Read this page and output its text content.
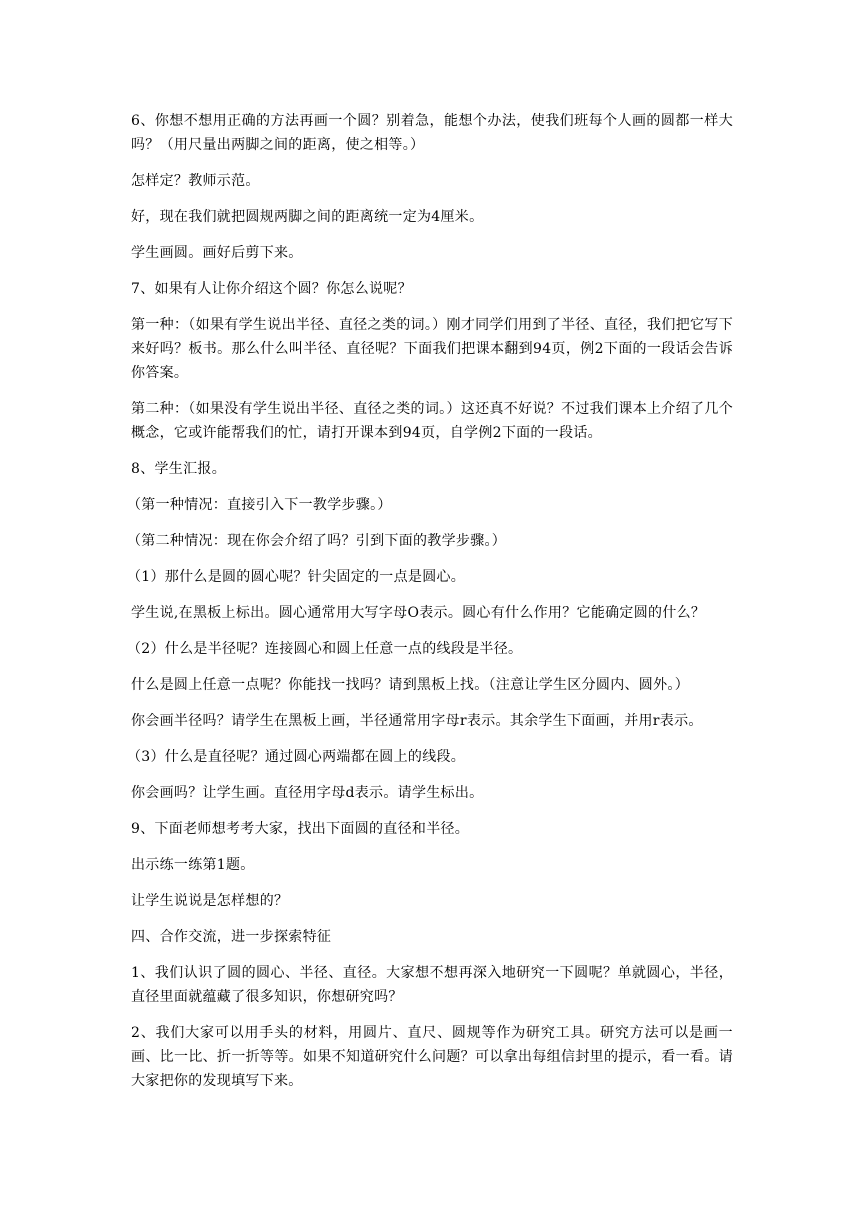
6、你想不想用正确的方法再画一个圆？别着急，能想个办法，使我们班每个人画的圆都一样大吗？（用尺量出两脚之间的距离，使之相等。）

怎样定？教师示范。

好，现在我们就把圆规两脚之间的距离统一定为4厘米。

学生画圆。画好后剪下来。

7、如果有人让你介绍这个圆？你怎么说呢？

第一种：（如果有学生说出半径、直径之类的词。）刚才同学们用到了半径、直径，我们把它写下来好吗？板书。那么什么叫半径、直径呢？下面我们把课本翻到94页，例2下面的一段话会告诉你答案。

第二种：（如果没有学生说出半径、直径之类的词。）这还真不好说？不过我们课本上介绍了几个概念，它或许能帮我们的忙，请打开课本到94页，自学例2下面的一段话。

8、学生汇报。

（第一种情况：直接引入下一教学步骤。）

（第二种情况：现在你会介绍了吗？引到下面的教学步骤。）

（1）那什么是圆的圆心呢？针尖固定的一点是圆心。

学生说,在黑板上标出。圆心通常用大写字母O表示。圆心有什么作用？它能确定圆的什么？

（2）什么是半径呢？连接圆心和圆上任意一点的线段是半径。

什么是圆上任意一点呢？你能找一找吗？请到黑板上找。（注意让学生区分圆内、圆外。）

你会画半径吗？请学生在黑板上画，半径通常用字母r表示。其余学生下面画，并用r表示。

（3）什么是直径呢？通过圆心两端都在圆上的线段。

你会画吗？让学生画。直径用字母d表示。请学生标出。

9、下面老师想考考大家，找出下面圆的直径和半径。

出示练一练第1题。

让学生说说是怎样想的？

四、合作交流，进一步探索特征

1、我们认识了圆的圆心、半径、直径。大家想不想再深入地研究一下圆呢？单就圆心，半径，直径里面就蕴藏了很多知识，你想研究吗？

2、我们大家可以用手头的材料，用圆片、直尺、圆规等作为研究工具。研究方法可以是画一画、比一比、折一折等等。如果不知道研究什么问题？可以拿出每组信封里的提示，看一看。请大家把你的发现填写下来。
